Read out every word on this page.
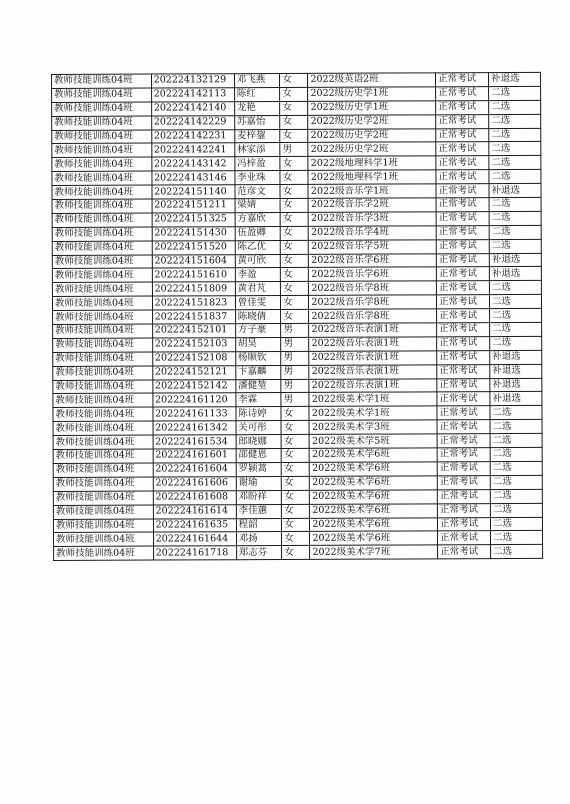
教师技能训练04班	202224132129	邓飞燕	女	2022级英语2班	正常考试	补退选
教师技能训练04班	202224142113	陈红	女	2022级历史学1班	正常考试	二选
教师技能训练04班	202224142140	龙艳	女	2022级历史学1班	正常考试	二选
教师技能训练04班	202224142229	苏嘉怡	女	2022级历史学2班	正常考试	二选
教师技能训练04班	202224142231	麦梓鋆	女	2022级历史学2班	正常考试	二选
教师技能训练04班	202224142241	林家添	男	2022级历史学2班	正常考试	二选
教师技能训练04班	202224143142	冯梓盈	女	2022级地理科学1班	正常考试	二选
教师技能训练04班	202224143146	李业珠	女	2022级地理科学1班	正常考试	二选
教师技能训练04班	202224151140	范彦文	女	2022级音乐学1班	正常考试	补退选
教师技能训练04班	202224151211	梁婧	女	2022级音乐学2班	正常考试	二选
教师技能训练04班	202224151325	方嘉欣	女	2022级音乐学3班	正常考试	二选
教师技能训练04班	202224151430	伍盈卿	女	2022级音乐学4班	正常考试	二选
教师技能训练04班	202224151520	陈乙优	女	2022级音乐学5班	正常考试	二选
教师技能训练04班	202224151604	黄可欣	女	2022级音乐学6班	正常考试	补退选
教师技能训练04班	202224151610	李盈	女	2022级音乐学6班	正常考试	补退选
教师技能训练04班	202224151809	黄君芃	女	2022级音乐学8班	正常考试	二选
教师技能训练04班	202224151823	曾佳雯	女	2022级音乐学8班	正常考试	二选
教师技能训练04班	202224151837	陈晓倩	女	2022级音乐学8班	正常考试	二选
教师技能训练04班	202224152101	方子豪	男	2022级音乐表演1班	正常考试	二选
教师技能训练04班	202224152103	胡昊	男	2022级音乐表演1班	正常考试	二选
教师技能训练04班	202224152108	杨顺钦	男	2022级音乐表演1班	正常考试	补退选
教师技能训练04班	202224152121	卞嘉麟	男	2022级音乐表演1班	正常考试	补退选
教师技能训练04班	202224152142	潘健堃	男	2022级音乐表演1班	正常考试	补退选
教师技能训练04班	202224161120	李霖	男	2022级美术学1班	正常考试	补退选
教师技能训练04班	202224161133	陈诗婷	女	2022级美术学1班	正常考试	二选
教师技能训练04班	202224161342	关可彤	女	2022级美术学3班	正常考试	二选
教师技能训练04班	202224161534	郎晓娜	女	2022级美术学5班	正常考试	二选
教师技能训练04班	202224161601	邵健恩	女	2022级美术学6班	正常考试	二选
教师技能训练04班	202224161604	罗颍蒿	女	2022级美术学6班	正常考试	二选
教师技能训练04班	202224161606	谢瑜	女	2022级美术学6班	正常考试	二选
教师技能训练04班	202224161608	邓盼祥	女	2022级美术学6班	正常考试	二选
教师技能训练04班	202224161614	李佳蕙	女	2022级美术学6班	正常考试	二选
教师技能训练04班	202224161635	程韶	女	2022级美术学6班	正常考试	二选
教师技能训练04班	202224161644	邓扬	女	2022级美术学6班	正常考试	二选
教师技能训练04班	202224161718	郑志芬	女	2022级美术学7班	正常考试	二选
